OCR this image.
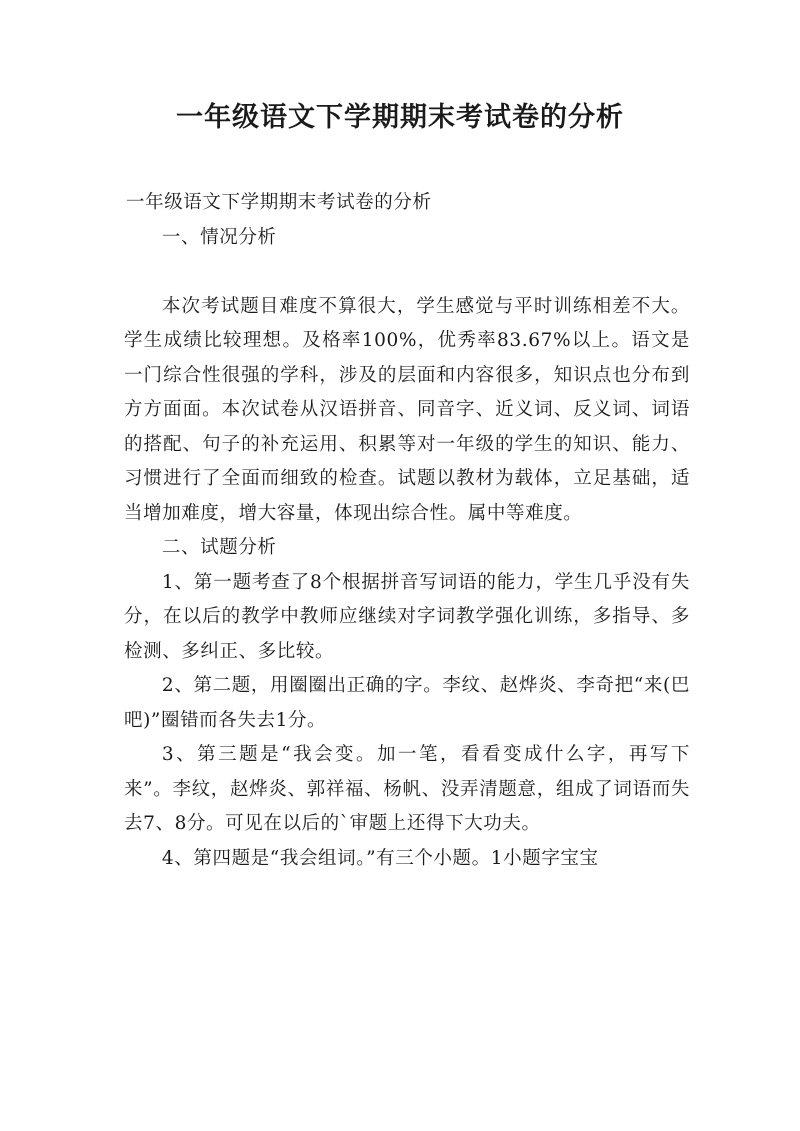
一年级语文下学期期末考试卷的分析

一年级语文下学期期末考试卷的分析

一、情况分析

本次考试题目难度不算很大，学生感觉与平时训练相差不大。学生成绩比较理想。及格率100%，优秀率83.67%以上。语文是一门综合性很强的学科，涉及的层面和内容很多，知识点也分布到方方面面。本次试卷从汉语拼音、同音字、近义词、反义词、词语的搭配、句子的补充运用、积累等对一年级的学生的知识、能力、习惯进行了全面而细致的检查。试题以教材为载体，立足基础，适当增加难度，增大容量，体现出综合性。属中等难度。

二、试题分析

1、第一题考查了8个根据拼音写词语的能力，学生几乎没有失分，在以后的教学中教师应继续对字词教学强化训练，多指导、多检测、多纠正、多比较。

2、第二题，用圈圈出正确的字。李纹、赵烨炎、李奇把“来(巴吧)”圈错而各失去1分。

3、第三题是“我会变。加一笔，看看变成什么字，再写下来”。李纹，赵烨炎、郭祥福、杨帆、没弄清题意，组成了词语而失去7、8分。可见在以后的`审题上还得下大功夫。

4、第四题是“我会组词。”有三个小题。1小题字宝宝
